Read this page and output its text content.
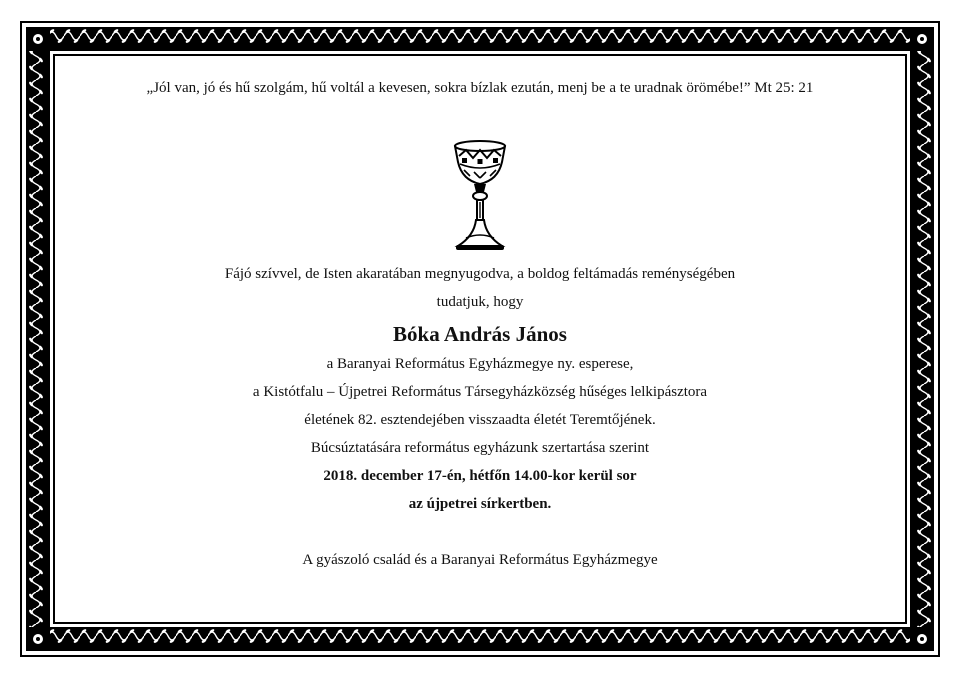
„Jól van, jó és hű szolgám, hű voltál a kevesen, sokra bízlak ezután, menj be a te uradnak örömébe!” Mt 25: 21
Fájó szívvel, de Isten akaratában megnyugodva, a boldog feltámadás reménységében
tudatjuk, hogy
Bóka András János
a Baranyai Református Egyházmegye ny. esperese,
a Kistótfalu – Újpetrei Református Társegyházközség hűséges lelkipásztora
életének 82. esztendejében visszaadta életét Teremtőjének.
Búcsúztatására református egyházunk szertartása szerint
2018. december 17-én, hétfőn 14.00-kor kerül sor
az újpetrei sírkertben.
A gyászoló család és a Baranyai Református Egyházmegye
